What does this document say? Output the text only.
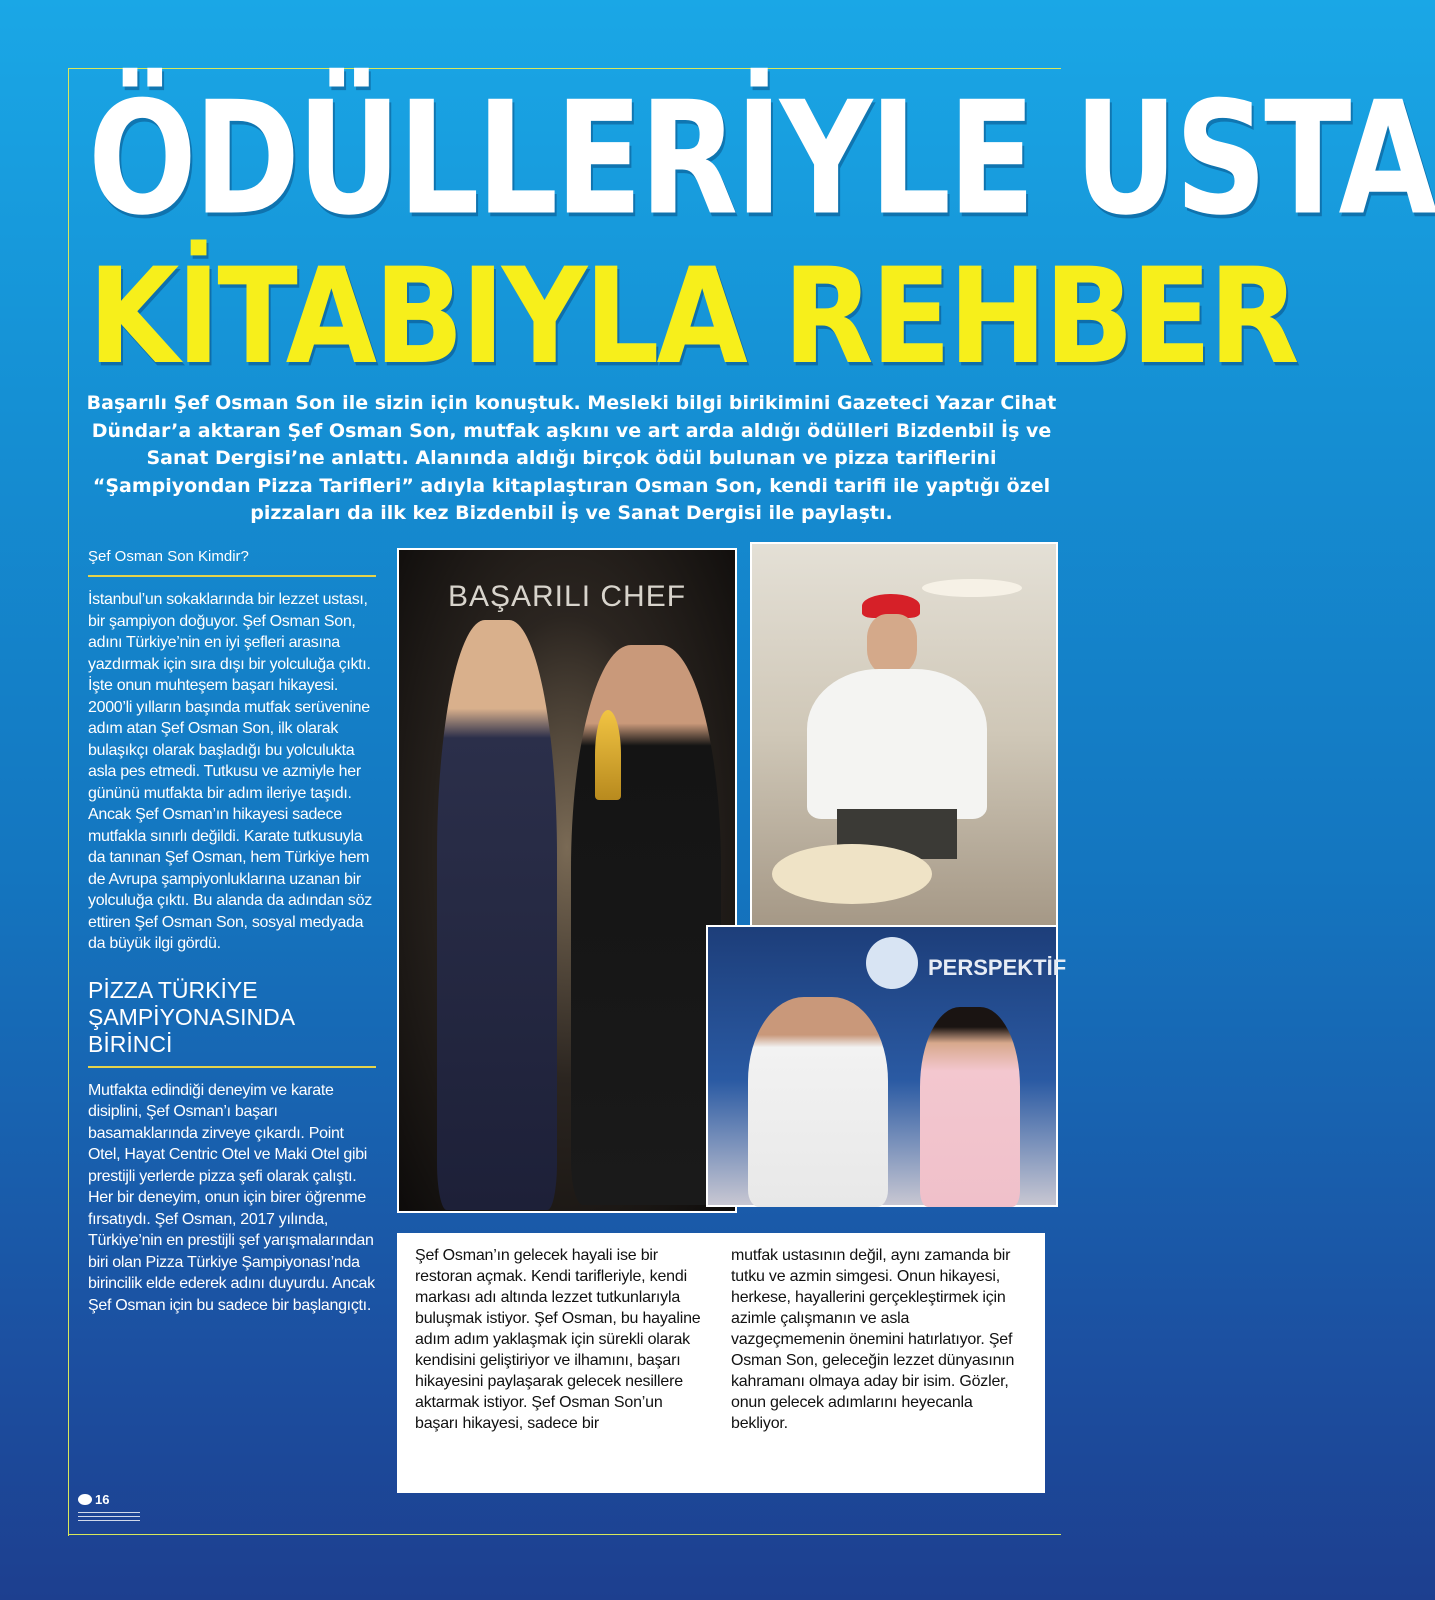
ÖDÜLLERİYLE USTA
KİTABIYLA REHBER
Başarılı Şef Osman Son ile sizin için konuştuk. Mesleki bilgi birikimini Gazeteci Yazar Cihat Dündar’a aktaran Şef Osman Son, mutfak aşkını ve art arda aldığı ödülleri Bizdenbil İş ve Sanat Dergisi’ne anlattı. Alanında aldığı birçok ödül bulunan ve pizza tariflerini “Şampiyondan Pizza Tarifleri” adıyla kitaplaştıran Osman Son, kendi tarifi ile yaptığı özel pizzaları da ilk kez Bizdenbil İş ve Sanat Dergisi ile paylaştı.
Şef Osman Son Kimdir?
İstanbul’un sokaklarında bir lezzet ustası, bir şampiyon doğuyor. Şef Osman Son, adını Türkiye’nin en iyi şefleri arasına yazdırmak için sıra dışı bir yolculuğa çıktı. İşte onun muhteşem başarı hikayesi. 2000’li yılların başında mutfak serüvenine adım atan Şef Osman Son, ilk olarak bulaşıkçı olarak başladığı bu yolculukta asla pes etmedi. Tutkusu ve azmiyle her gününü mutfakta bir adım ileriye taşıdı. Ancak Şef Osman’ın hikayesi sadece mutfakla sınırlı değildi. Karate tutkusuyla da tanınan Şef Osman, hem Türkiye hem de Avrupa şampiyonluklarına uzanan bir yolculuğa çıktı. Bu alanda da adından söz ettiren Şef Osman Son, sosyal medyada da büyük ilgi gördü.
PİZZA TÜRKİYE ŞAMPİYONASINDA BİRİNCİ
Mutfakta edindiği deneyim ve karate disiplini, Şef Osman’ı başarı basamaklarında zirveye çıkardı. Point Otel, Hayat Centric Otel ve Maki Otel gibi prestijli yerlerde pizza şefi olarak çalıştı. Her bir deneyim, onun için birer öğrenme fırsatıydı. Şef Osman, 2017 yılında, Türkiye’nin en prestijli şef yarışmalarından biri olan Pizza Türkiye Şampiyonası’nda birincilik elde ederek adını duyurdu. Ancak Şef Osman için bu sadece bir başlangıçtı.
BAŞARILI CHEF
PERSPEKTİF
Şef Osman’ın gelecek hayali ise bir restoran açmak. Kendi tarifleriyle, kendi markası adı altında lezzet tutkunlarıyla buluşmak istiyor. Şef Osman, bu hayaline adım adım yaklaşmak için sürekli olarak kendisini geliştiriyor ve ilhamını, başarı hikayesini paylaşarak gelecek nesillere aktarmak istiyor. Şef Osman Son’un başarı hikayesi, sadece bir
mutfak ustasının değil, aynı zamanda bir tutku ve azmin simgesi. Onun hikayesi, herkese, hayallerini gerçekleştirmek için azimle çalışmanın ve asla vazgeçmemenin önemini hatırlatıyor. Şef Osman Son, geleceğin lezzet dünyasının kahramanı olmaya aday bir isim. Gözler, onun gelecek adımlarını heyecanla bekliyor.
16
